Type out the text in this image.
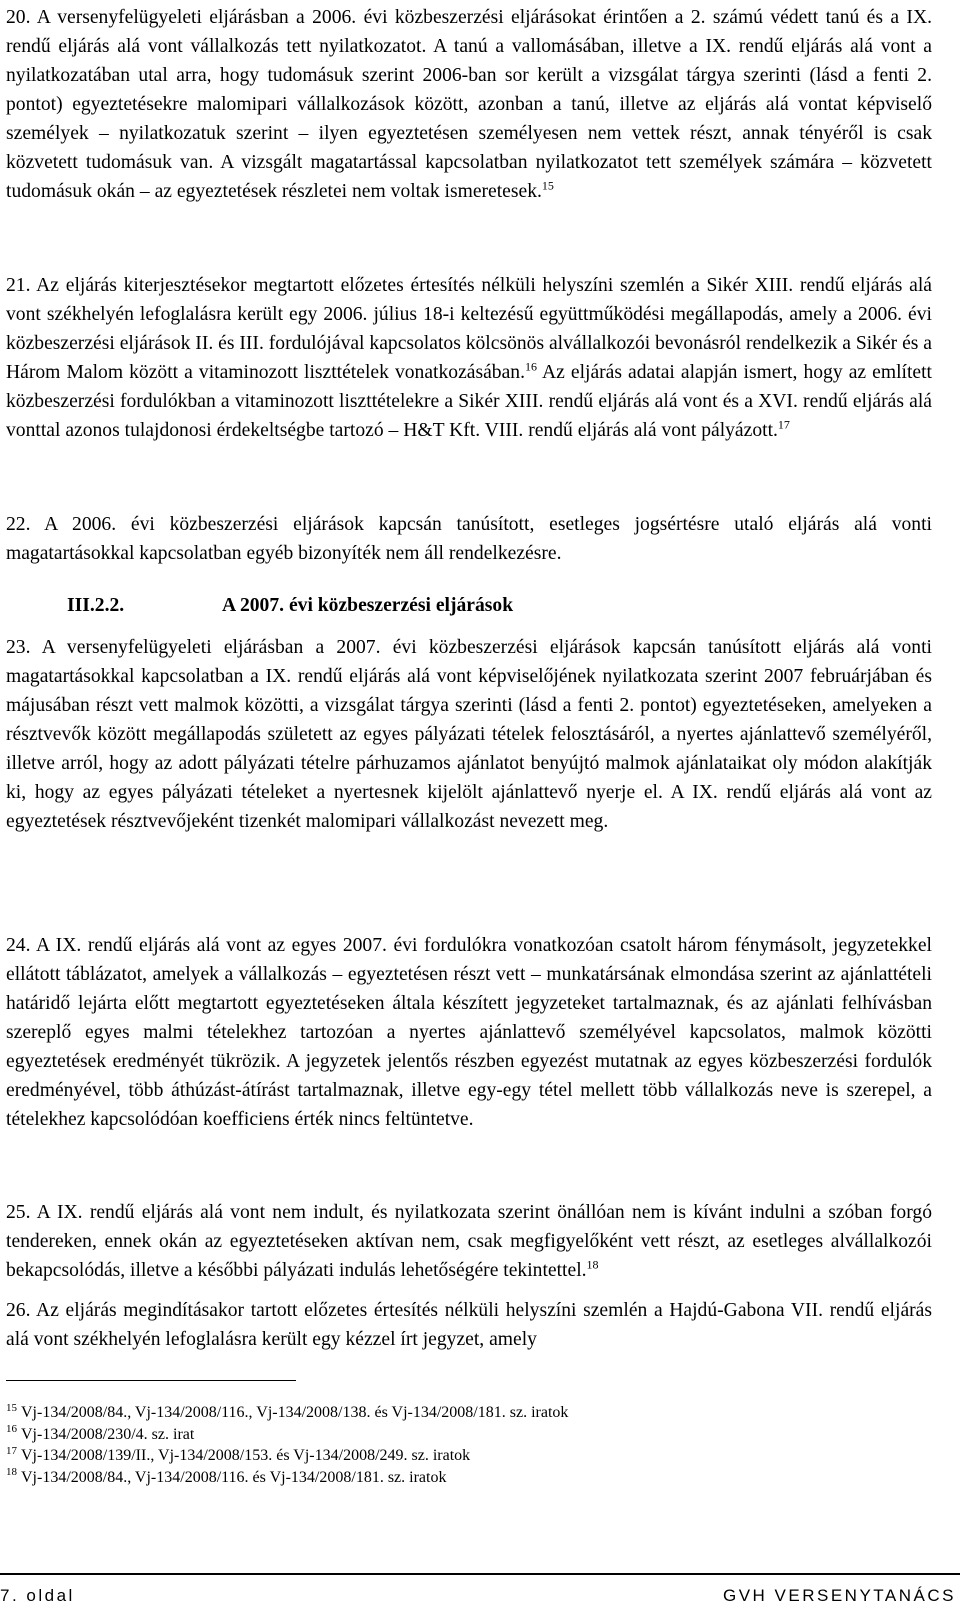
20. A versenyfelügyeleti eljárásban a 2006. évi közbeszerzési eljárásokat érintően a 2. számú védett tanú és a IX. rendű eljárás alá vont vállalkozás tett nyilatkozatot. A tanú a vallomásában, illetve a IX. rendű eljárás alá vont a nyilatkozatában utal arra, hogy tudomásuk szerint 2006-ban sor került a vizsgálat tárgya szerinti (lásd a fenti 2. pontot) egyeztetésekre malomipari vállalkozások között, azonban a tanú, illetve az eljárás alá vontat képviselő személyek – nyilatkozatuk szerint – ilyen egyeztetésen személyesen nem vettek részt, annak tényéről is csak közvetett tudomásuk van. A vizsgált magatartással kapcsolatban nyilatkozatot tett személyek számára – közvetett tudomásuk okán – az egyeztetések részletei nem voltak ismeretesek.$^{15}$

21. Az eljárás kiterjesztésekor megtartott előzetes értesítés nélküli helyszíni szemlén a Sikér XIII. rendű eljárás alá vont székhelyén lefoglalásra került egy 2006. július 18-i keltezésű együttműködési megállapodás, amely a 2006. évi közbeszerzési eljárások II. és III. fordulójával kapcsolatos kölcsönös alvállalkozói bevonásról rendelkezik a Sikér és a Három Malom között a vitaminozott liszttételek vonatkozásában.$^{16}$ Az eljárás adatai alapján ismert, hogy az említett közbeszerzési fordulókban a vitaminozott liszttételekre a Sikér XIII. rendű eljárás alá vont és a XVI. rendű eljárás alá vonttal azonos tulajdonosi érdekeltségbe tartozó – H&T Kft. VIII. rendű eljárás alá vont pályázott.$^{17}$

22. A 2006. évi közbeszerzési eljárások kapcsán tanúsított, esetleges jogsértésre utaló eljárás alá vonti magatartásokkal kapcsolatban egyéb bizonyíték nem áll rendelkezésre.

III.2.2.	A 2007. évi közbeszerzési eljárások

23. A versenyfelügyeleti eljárásban a 2007. évi közbeszerzési eljárások kapcsán tanúsított eljárás alá vonti magatartásokkal kapcsolatban a IX. rendű eljárás alá vont képviselőjének nyilatkozata szerint 2007 februárjában és májusában részt vett malmok közötti, a vizsgálat tárgya szerinti (lásd a fenti 2. pontot) egyeztetéseken, amelyeken a résztvevők között megállapodás született az egyes pályázati tételek felosztásáról, a nyertes ajánlattevő személyéről, illetve arról, hogy az adott pályázati tételre párhuzamos ajánlatot benyújtó malmok ajánlataikat oly módon alakítják ki, hogy az egyes pályázati tételeket a nyertesnek kijelölt ajánlattevő nyerje el. A IX. rendű eljárás alá vont az egyeztetések résztvevőjeként tizenkét malomipari vállalkozást nevezett meg.

24. A IX. rendű eljárás alá vont az egyes 2007. évi fordulókra vonatkozóan csatolt három fénymásolt, jegyzetekkel ellátott táblázatot, amelyek a vállalkozás – egyeztetésen részt vett – munkatársának elmondása szerint az ajánlattételi határidő lejárta előtt megtartott egyeztetéseken általa készített jegyzeteket tartalmaznak, és az ajánlati felhívásban szereplő egyes malmi tételekhez tartozóan a nyertes ajánlattevő személyével kapcsolatos, malmok közötti egyeztetések eredményét tükrözik. A jegyzetek jelentős részben egyezést mutatnak az egyes közbeszerzési fordulók eredményével, több áthúzást-átírást tartalmaznak, illetve egy-egy tétel mellett több vállalkozás neve is szerepel, a tételekhez kapcsolódóan koefficiens érték nincs feltüntetve.

25. A IX. rendű eljárás alá vont nem indult, és nyilatkozata szerint önállóan nem is kívánt indulni a szóban forgó tendereken, ennek okán az egyeztetéseken aktívan nem, csak megfigyelőként vett részt, az esetleges alvállalkozói bekapcsolódás, illetve a későbbi pályázati indulás lehetőségére tekintettel.$^{18}$

26. Az eljárás megindításakor tartott előzetes értesítés nélküli helyszíni szemlén a Hajdú-Gabona VII. rendű eljárás alá vont székhelyén lefoglalásra került egy kézzel írt jegyzet, amely

$^{15}$ Vj-134/2008/84., Vj-134/2008/116., Vj-134/2008/138. és Vj-134/2008/181. sz. iratok

$^{16}$ Vj-134/2008/230/4. sz. irat

$^{17}$ Vj-134/2008/139/II., Vj-134/2008/153. és Vj-134/2008/249. sz. iratok

$^{18}$ Vj-134/2008/84., Vj-134/2008/116. és Vj-134/2008/181. sz. iratok

7. oldal	GVH VERSENYTANÁCS
